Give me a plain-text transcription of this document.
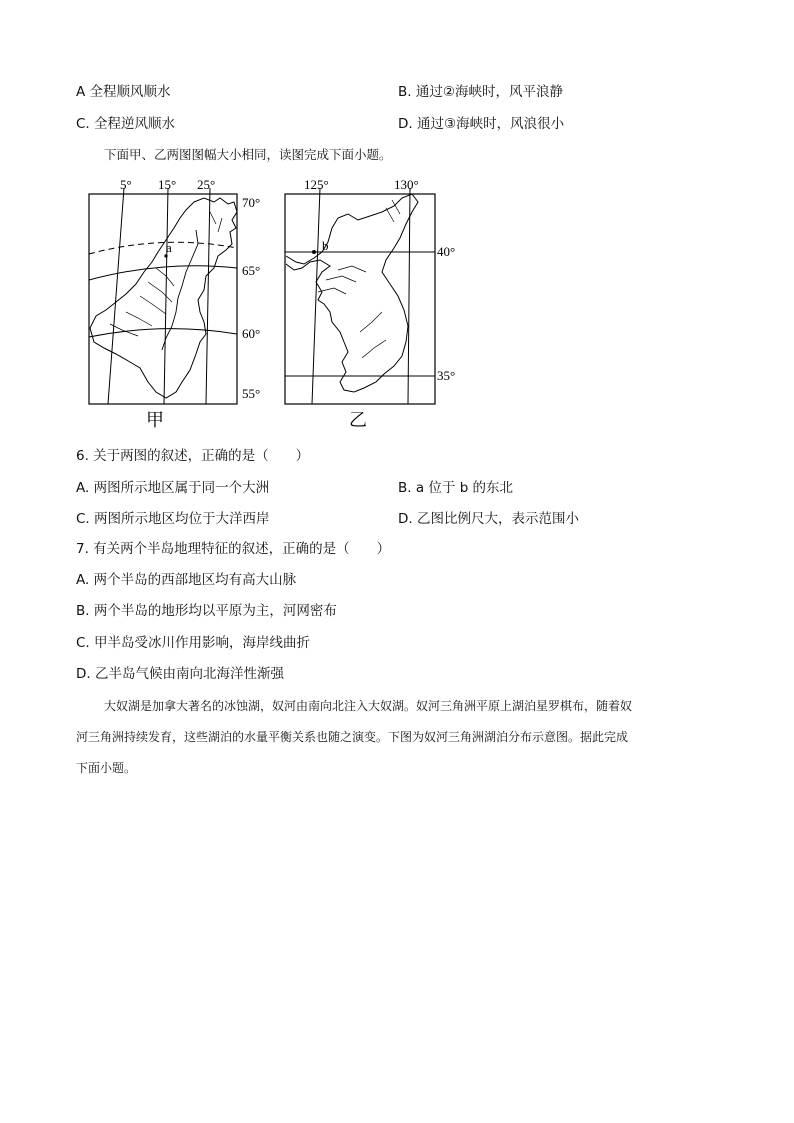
A 全程顺风顺水	B. 通过②海峡时，风平浪静
C. 全程逆风顺水	D. 通过③海峡时，风浪很小
下面甲、乙两图图幅大小相同，读图完成下面小题。
a
5° 15° 25°
70°
65°
60°
55°
甲
b
125°	130°
40°
35°
乙
6. 关于两图的叙述，正确的是（　　）
A. 两图所示地区属于同一个大洲	B. a 位于 b 的东北
C. 两图所示地区均位于大洋西岸	D. 乙图比例尺大，表示范围小
7. 有关两个半岛地理特征的叙述，正确的是（　　）
A. 两个半岛的西部地区均有高大山脉
B. 两个半岛的地形均以平原为主，河网密布
C. 甲半岛受冰川作用影响，海岸线曲折
D. 乙半岛气候由南向北海洋性渐强
大奴湖是加拿大著名的冰蚀湖，奴河由南向北注入大奴湖。奴河三角洲平原上湖泊星罗棋布，随着奴
河三角洲持续发育，这些湖泊的水量平衡关系也随之演变。下图为奴河三角洲湖泊分布示意图。据此完成
下面小题。
